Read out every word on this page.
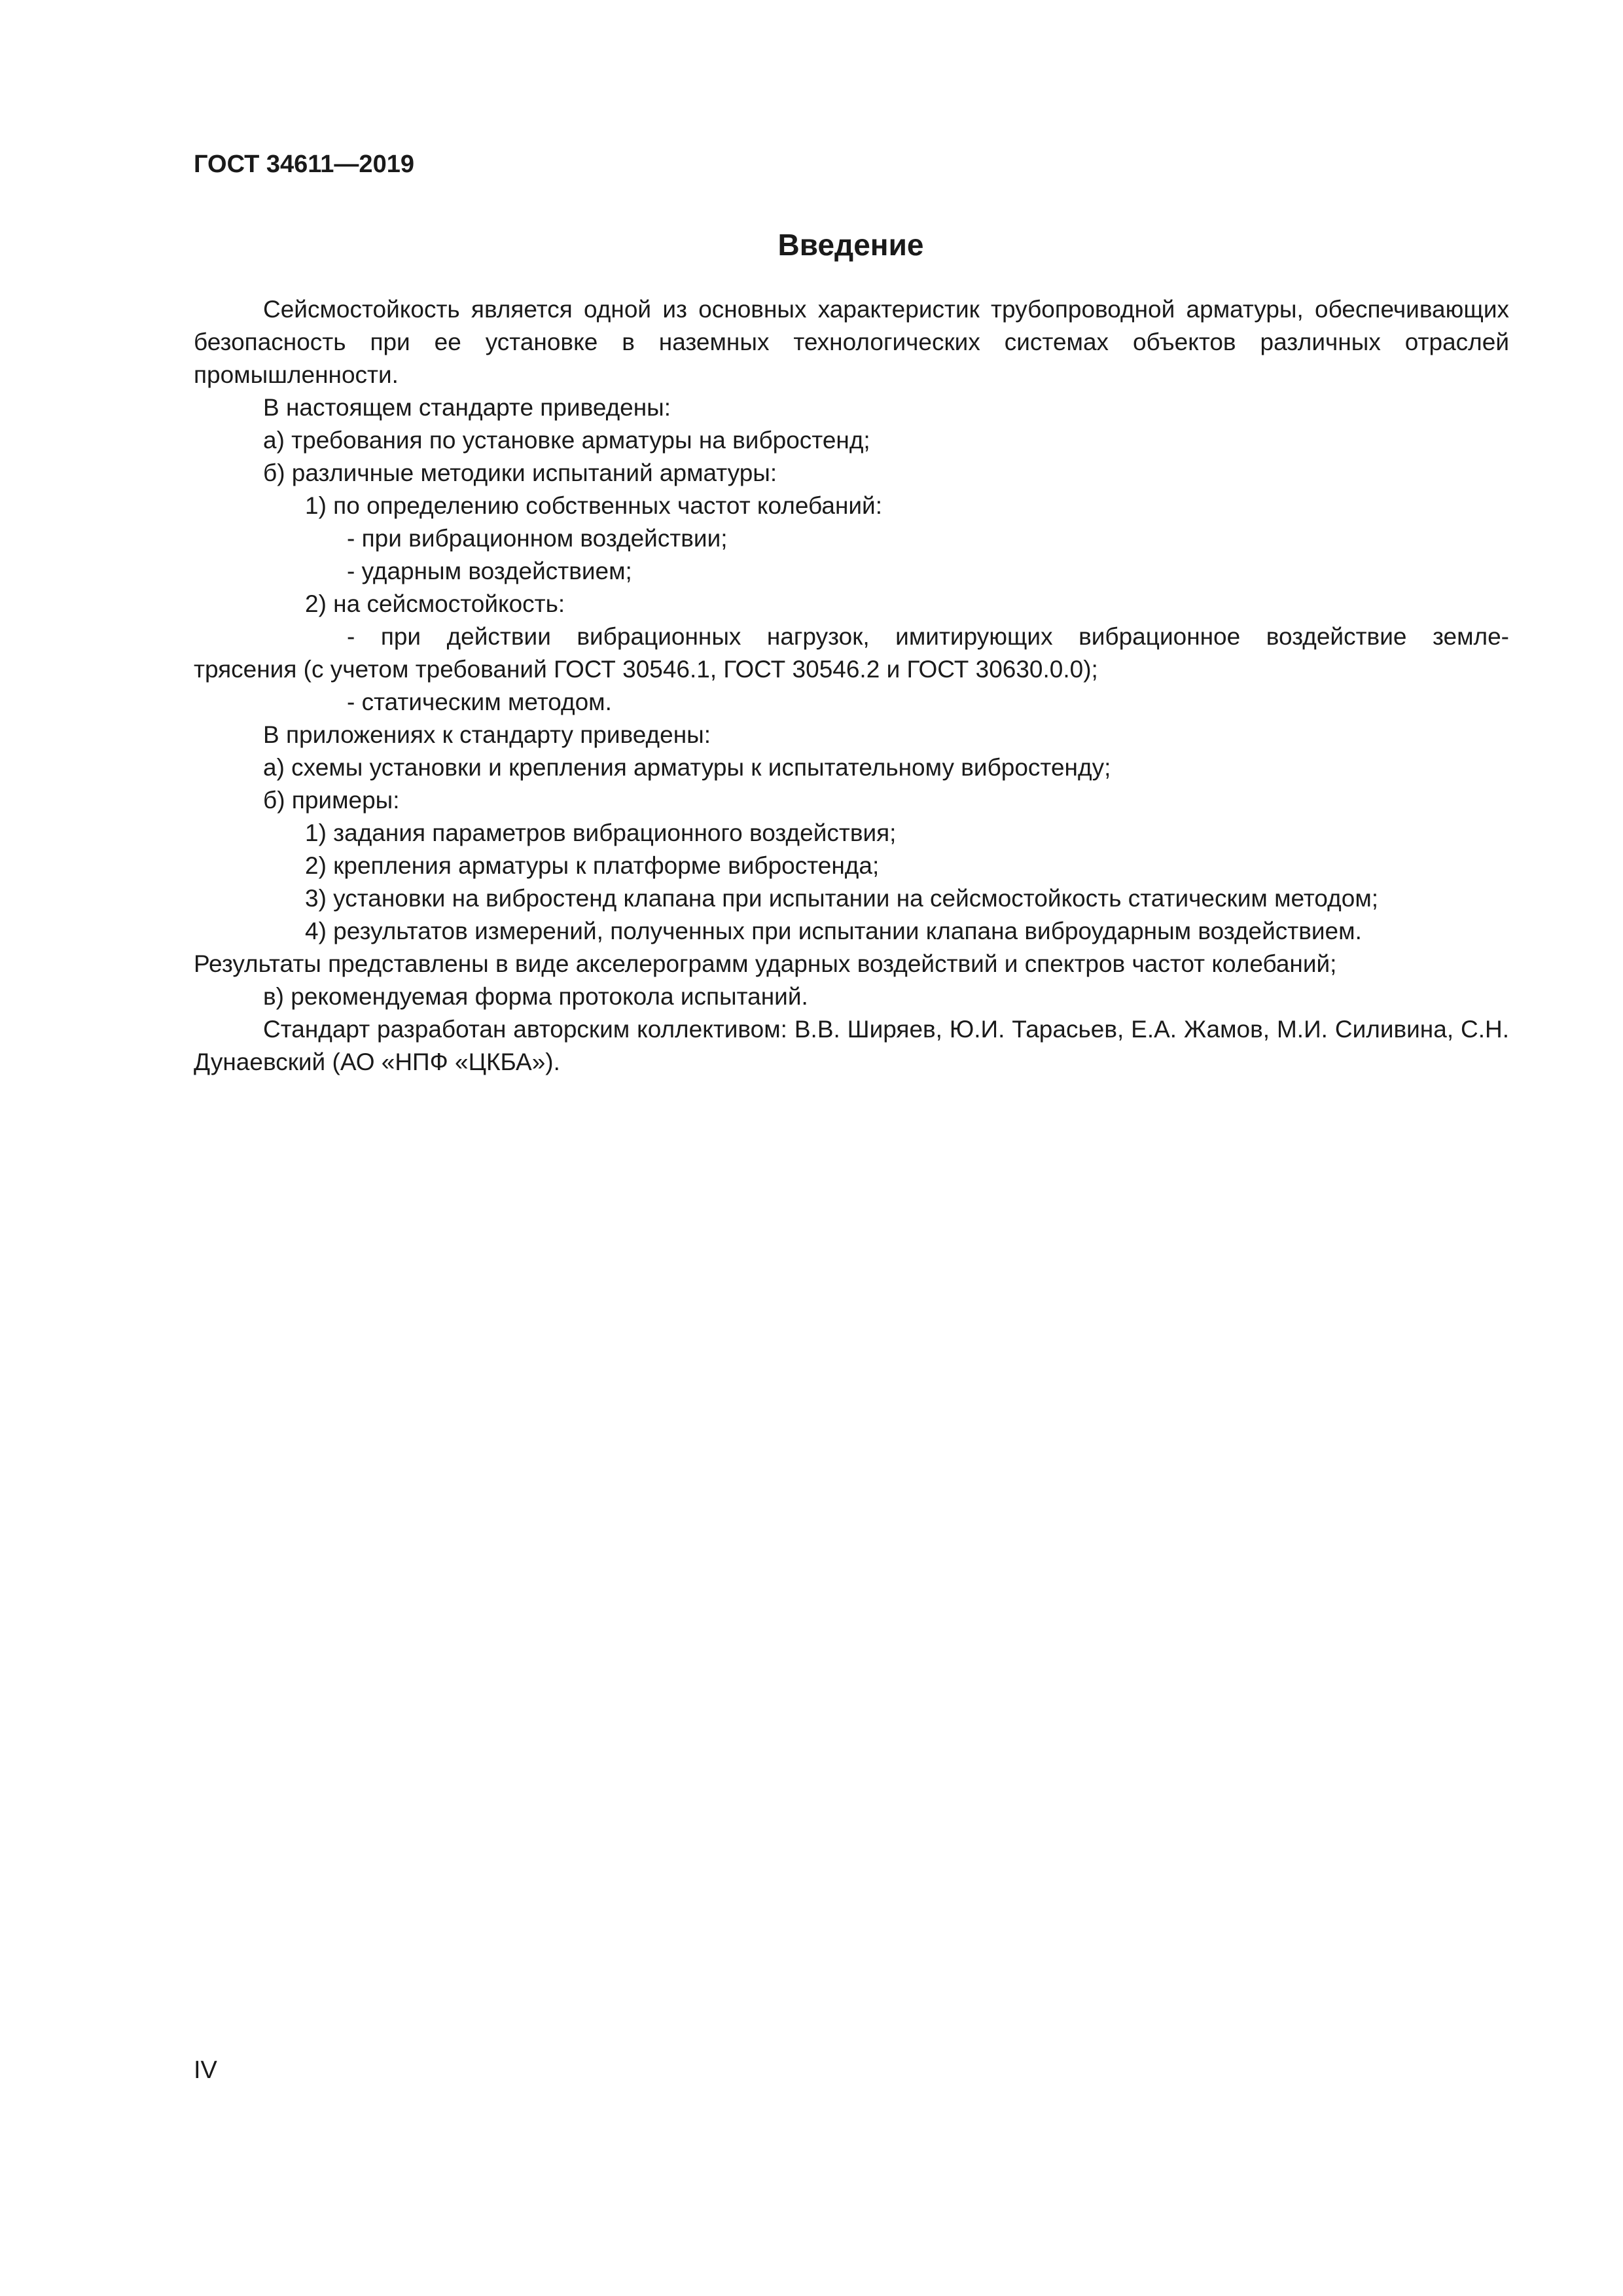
ГОСТ 34611—2019
Введение

Сейсмостойкость является одной из основных характеристик трубопроводной арматуры, обеспечивающих безопасность при ее установке в наземных технологических системах объектов различных отраслей промышленности.

В настоящем стандарте приведены:

а) требования по установке арматуры на вибростенд;

б) различные методики испытаний арматуры:

1) по определению собственных частот колебаний:

- при вибрационном воздействии;

- ударным воздействием;

2) на сейсмостойкость:

- при действии вибрационных нагрузок, имитирующих вибрационное воздействие земле-

трясения (с учетом требований ГОСТ 30546.1, ГОСТ 30546.2 и ГОСТ 30630.0.0);

- статическим методом.

В приложениях к стандарту приведены:

а) схемы установки и крепления арматуры к испытательному вибростенду;

б) примеры:

1) задания параметров вибрационного воздействия;

2) крепления арматуры к платформе вибростенда;

3) установки на вибростенд клапана при испытании на сейсмостойкость статическим методом;

4) результатов измерений, полученных при испытании клапана виброударным воздействием.

Результаты представлены в виде акселерограмм ударных воздействий и спектров частот колебаний;

в) рекомендуемая форма протокола испытаний.

Стандарт разработан авторским коллективом: В.В. Ширяев, Ю.И. Тарасьев, Е.А. Жамов, М.И. Силивина, С.Н. Дунаевский (АО «НПФ «ЦКБА»).

IV
